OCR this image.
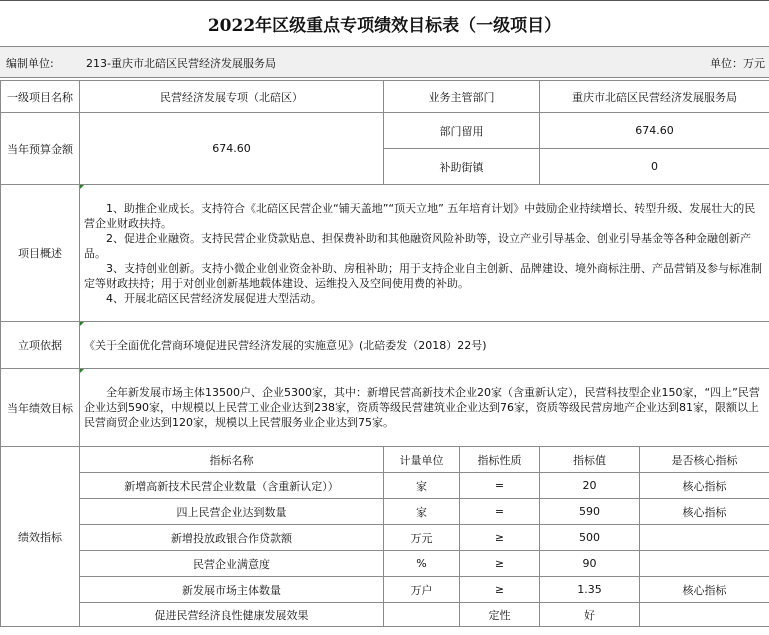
2022年区级重点专项绩效目标表（一级项目）
编制单位:	213-重庆市北碚区民营经济发展服务局	单位：万元
一级项目名称	民营经济发展专项（北碚区）	业务主管部门		重庆市北碚区民营经济发展服务局	
当年预算金额	674.60	部门留用		674.60	
		补助街镇		0	
项目概述	1、助推企业成长。支持符合《北碚区民营企业“铺天盖地”“顶天立地” 五年培育计划》中鼓励企业持续增长、转型升级、发展壮大的民营企业财政扶持。
2、促进企业融资。支持民营企业贷款贴息、担保费补助和其他融资风险补助等，设立产业引导基金、创业引导基金等各种金融创新产品。
3、支持创业创新。支持小微企业创业资金补助、房租补助；用于支持企业自主创新、品牌建设、境外商标注册、产品营销及参与标准制定等财政扶持；用于对创业创新基地载体建设、运维投入及空间使用费的补助。
4、开展北碚区民营经济发展促进大型活动。				

立项依据	《关于全面优化营商环境促进民营经济发展的实施意见》(北碚委发（2018）22号)				
当年绩效目标	全年新发展市场主体13500户、企业5300家，其中：新增民营高新技术企业20家（含重新认定），民营科技型企业150家，“四上”民营企业达到590家，中规模以上民营工业企业达到238家，资质等级民营建筑业企业达到76家，资质等级民营房地产企业达到81家，限额以上民营商贸企业达到120家，规模以上民营服务业企业达到75家。				
绩效指标	指标名称	计量单位	指标性质	指标值	是否核心指标
	新增高新技术民营企业数量（含重新认定））	家	=	20	核心指标
	四上民营企业达到数量	家	=	590	核心指标
	新增投放政银合作贷款额	万元	≥	500	
	民营企业满意度	%	≥	90	
	新发展市场主体数量	万户	≥	1.35	核心指标
	促进民营经济良性健康发展效果		定性	好	
